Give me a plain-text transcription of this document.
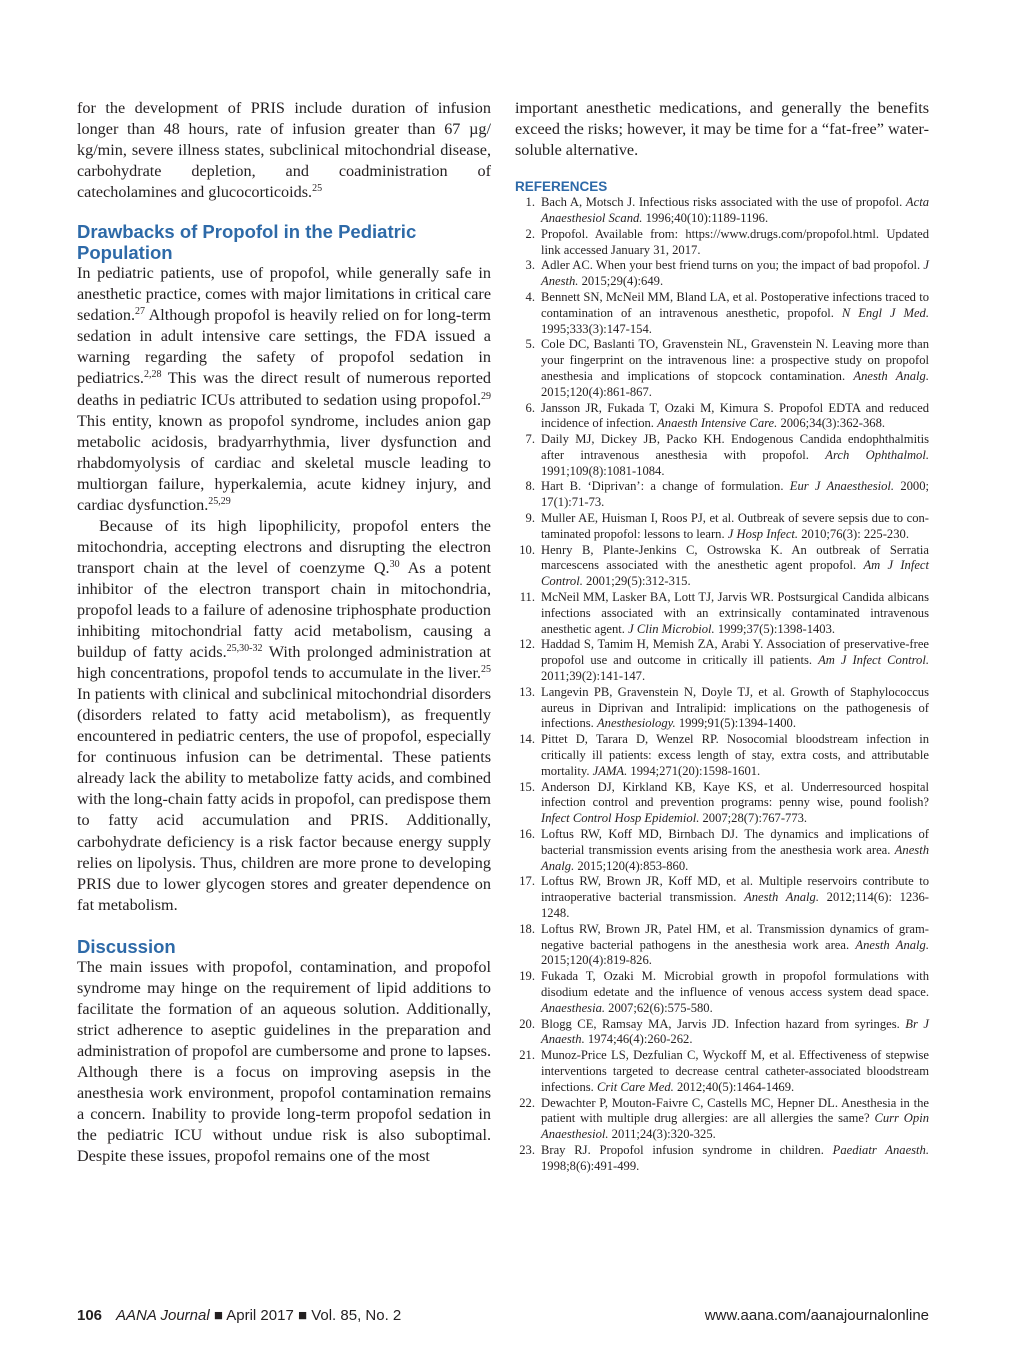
for the development of PRIS include duration of infusion longer than 48 hours, rate of infusion greater than 67 µg/ kg/min, severe illness states, subclinical mitochondrial disease, carbohydrate depletion, and coadministration of catecholamines and glucocorticoids.$^{25}$

Drawbacks of Propofol in the Pediatric Population

In pediatric patients, use of propofol, while generally safe in anesthetic practice, comes with major limitations in critical care sedation.$^{27}$ Although propofol is heavily relied on for long-term sedation in adult intensive care settings, the FDA issued a warning regarding the safety of propofol sedation in pediatrics.$^{2,28}$ This was the direct result of numerous reported deaths in pediatric ICUs attributed to sedation using propofol.$^{29}$ This entity, known as propofol syndrome, includes anion gap metabolic acidosis, bradyarrhythmia, liver dysfunction and rhabdomyolysis of cardiac and skeletal muscle leading to multiorgan failure, hyperkalemia, acute kidney injury, and cardiac dysfunction.$^{25,29}$

Because of its high lipophilicity, propofol enters the mitochondria, accepting electrons and disrupting the electron transport chain at the level of coenzyme Q.$^{30}$ As a potent inhibitor of the electron transport chain in mitochondria, propofol leads to a failure of adenosine triphosphate production inhibiting mitochondrial fatty acid metabolism, causing a buildup of fatty acids.$^{25,30-32}$ With prolonged administration at high concentrations, propofol tends to accumulate in the liver.$^{25}$ In patients with clinical and subclinical mitochondrial disorders (disorders related to fatty acid metabolism), as frequently encountered in pediatric centers, the use of propofol, especially for continuous infusion can be detrimental. These patients already lack the ability to metabolize fatty acids, and combined with the long-chain fatty acids in propofol, can predispose them to fatty acid accumulation and PRIS. Additionally, carbohydrate deficiency is a risk factor because energy supply relies on lipolysis. Thus, children are more prone to developing PRIS due to lower glycogen stores and greater dependence on fat metabolism.

Discussion

The main issues with propofol, contamination, and propofol syndrome may hinge on the requirement of lipid additions to facilitate the formation of an aqueous solution. Additionally, strict adherence to aseptic guidelines in the preparation and administration of propofol are cumbersome and prone to lapses. Although there is a focus on improving asepsis in the anesthesia work environment, propofol contamination remains a concern. Inability to provide long-term propofol sedation in the pediatric ICU without undue risk is also suboptimal. Despite these issues, propofol remains one of the most

important anesthetic medications, and generally the benefits exceed the risks; however, it may be time for a “fat-free” water-soluble alternative.

REFERENCES
1. Bach A, Motsch J. Infectious risks associated with the use of propofol. Acta Anaesthesiol Scand. 1996;40(10):1189-1196.
2. Propofol. Available from: https://www.drugs.com/propofol.html. Updated link accessed January 31, 2017.
3. Adler AC. When your best friend turns on you; the impact of bad propofol. J Anesth. 2015;29(4):649.
4. Bennett SN, McNeil MM, Bland LA, et al. Postoperative infections traced to contamination of an intravenous anesthetic, propofol. N Engl J Med. 1995;333(3):147-154.
5. Cole DC, Baslanti TO, Gravenstein NL, Gravenstein N. Leaving more than your fingerprint on the intravenous line: a prospective study on propofol anesthesia and implications of stopcock contamination. Anesth Analg. 2015;120(4):861-867.
6. Jansson JR, Fukada T, Ozaki M, Kimura S. Propofol EDTA and reduced incidence of infection. Anaesth Intensive Care. 2006;34(3):362-368.
7. Daily MJ, Dickey JB, Packo KH. Endogenous Candida endophthalmitis after intravenous anesthesia with propofol. Arch Ophthalmol. 1991;109(8):1081-1084.
8. Hart B. ‘Diprivan’: a change of formulation. Eur J Anaesthesiol. 2000; 17(1):71-73.
9. Muller AE, Huisman I, Roos PJ, et al. Outbreak of severe sepsis due to contaminated propofol: lessons to learn. J Hosp Infect. 2010;76(3): 225-230.
10. Henry B, Plante-Jenkins C, Ostrowska K. An outbreak of Serratia marcescens associated with the anesthetic agent propofol. Am J Infect Control. 2001;29(5):312-315.
11. McNeil MM, Lasker BA, Lott TJ, Jarvis WR. Postsurgical Candida albicans infections associated with an extrinsically contaminated intravenous anesthetic agent. J Clin Microbiol. 1999;37(5):1398-1403.
12. Haddad S, Tamim H, Memish ZA, Arabi Y. Association of preservative-free propofol use and outcome in critically ill patients. Am J Infect Control. 2011;39(2):141-147.
13. Langevin PB, Gravenstein N, Doyle TJ, et al. Growth of Staphylococcus aureus in Diprivan and Intralipid: implications on the pathogenesis of infections. Anesthesiology. 1999;91(5):1394-1400.
14. Pittet D, Tarara D, Wenzel RP. Nosocomial bloodstream infection in critically ill patients: excess length of stay, extra costs, and attributable mortality. JAMA. 1994;271(20):1598-1601.
15. Anderson DJ, Kirkland KB, Kaye KS, et al. Underresourced hospital infection control and prevention programs: penny wise, pound foolish? Infect Control Hosp Epidemiol. 2007;28(7):767-773.
16. Loftus RW, Koff MD, Birnbach DJ. The dynamics and implications of bacterial transmission events arising from the anesthesia work area. Anesth Analg. 2015;120(4):853-860.
17. Loftus RW, Brown JR, Koff MD, et al. Multiple reservoirs contribute to intraoperative bacterial transmission. Anesth Analg. 2012;114(6): 1236-1248.
18. Loftus RW, Brown JR, Patel HM, et al. Transmission dynamics of gram-negative bacterial pathogens in the anesthesia work area. Anesth Analg. 2015;120(4):819-826.
19. Fukada T, Ozaki M. Microbial growth in propofol formulations with disodium edetate and the influence of venous access system dead space. Anaesthesia. 2007;62(6):575-580.
20. Blogg CE, Ramsay MA, Jarvis JD. Infection hazard from syringes. Br J Anaesth. 1974;46(4):260-262.
21. Munoz-Price LS, Dezfulian C, Wyckoff M, et al. Effectiveness of stepwise interventions targeted to decrease central catheter-associated bloodstream infections. Crit Care Med. 2012;40(5):1464-1469.
22. Dewachter P, Mouton-Faivre C, Castells MC, Hepner DL. Anesthesia in the patient with multiple drug allergies: are all allergies the same? Curr Opin Anaesthesiol. 2011;24(3):320-325.
23. Bray RJ. Propofol infusion syndrome in children. Paediatr Anaesth. 1998;8(6):491-499.
106 AANA Journal ■ April 2017 ■ Vol. 85, No. 2	www.aana.com/aanajournalonline
